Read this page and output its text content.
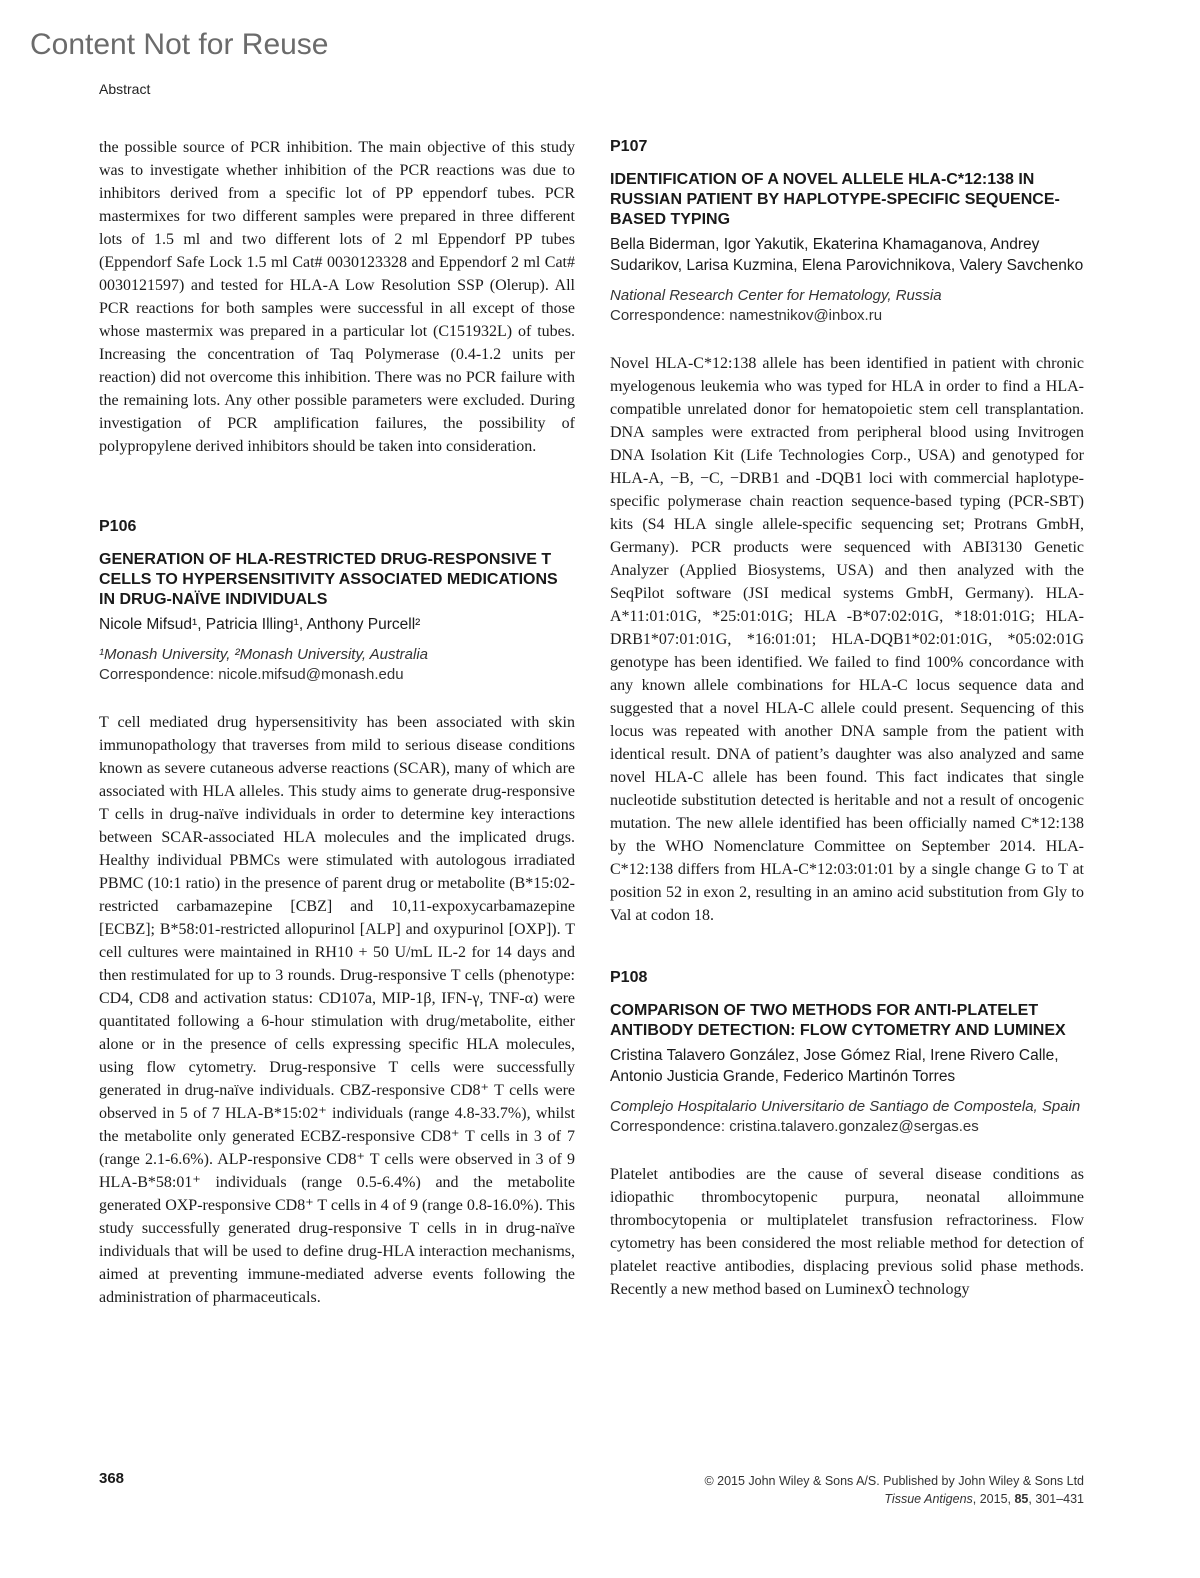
Content Not for Reuse
Abstract

the possible source of PCR inhibition. The main objective of this study was to investigate whether inhibition of the PCR reactions was due to inhibitors derived from a specific lot of PP eppendorf tubes. PCR mastermixes for two different samples were prepared in three different lots of 1.5 ml and two different lots of 2 ml Eppendorf PP tubes (Eppendorf Safe Lock 1.5 ml Cat# 0030123328 and Eppendorf 2 ml Cat# 0030121597) and tested for HLA-A Low Resolution SSP (Olerup). All PCR reactions for both samples were successful in all except of those whose mastermix was prepared in a particular lot (C151932L) of tubes. Increasing the concentration of Taq Polymerase (0.4-1.2 units per reaction) did not overcome this inhibition. There was no PCR failure with the remaining lots. Any other possible parameters were excluded. During investigation of PCR amplification failures, the possibility of polypropylene derived inhibitors should be taken into consideration.

P106
GENERATION OF HLA-RESTRICTED DRUG-RESPONSIVE T CELLS TO HYPERSENSITIVITY ASSOCIATED MEDICATIONS IN DRUG-NAÏVE INDIVIDUALS
Nicole Mifsud¹, Patricia Illing¹, Anthony Purcell²
¹Monash University, ²Monash University, Australia
Correspondence: nicole.mifsud@monash.edu

T cell mediated drug hypersensitivity has been associated with skin immunopathology that traverses from mild to serious disease conditions known as severe cutaneous adverse reactions (SCAR), many of which are associated with HLA alleles. This study aims to generate drug-responsive T cells in drug-naïve individuals in order to determine key interactions between SCAR-associated HLA molecules and the implicated drugs. Healthy individual PBMCs were stimulated with autologous irradiated PBMC (10:1 ratio) in the presence of parent drug or metabolite (B*15:02-restricted carbamazepine [CBZ] and 10,11-expoxycarbamazepine [ECBZ]; B*58:01-restricted allopurinol [ALP] and oxypurinol [OXP]). T cell cultures were maintained in RH10 + 50 U/mL IL-2 for 14 days and then restimulated for up to 3 rounds. Drug-responsive T cells (phenotype: CD4, CD8 and activation status: CD107a, MIP-1β, IFN-γ, TNF-α) were quantitated following a 6-hour stimulation with drug/metabolite, either alone or in the presence of cells expressing specific HLA molecules, using flow cytometry. Drug-responsive T cells were successfully generated in drug-naïve individuals. CBZ-responsive CD8⁺ T cells were observed in 5 of 7 HLA-B*15:02⁺ individuals (range 4.8-33.7%), whilst the metabolite only generated ECBZ-responsive CD8⁺ T cells in 3 of 7 (range 2.1-6.6%). ALP-responsive CD8⁺ T cells were observed in 3 of 9 HLA-B*58:01⁺ individuals (range 0.5-6.4%) and the metabolite generated OXP-responsive CD8⁺ T cells in 4 of 9 (range 0.8-16.0%). This study successfully generated drug-responsive T cells in in drug-naïve individuals that will be used to define drug-HLA interaction mechanisms, aimed at preventing immune-mediated adverse events following the administration of pharmaceuticals.

P107
IDENTIFICATION OF A NOVEL ALLELE HLA-C*12:138 IN RUSSIAN PATIENT BY HAPLOTYPE-SPECIFIC SEQUENCE-BASED TYPING
Bella Biderman, Igor Yakutik, Ekaterina Khamaganova, Andrey Sudarikov, Larisa Kuzmina, Elena Parovichnikova, Valery Savchenko
National Research Center for Hematology, Russia
Correspondence: namestnikov@inbox.ru

Novel HLA-C*12:138 allele has been identified in patient with chronic myelogenous leukemia who was typed for HLA in order to find a HLA-compatible unrelated donor for hematopoietic stem cell transplantation. DNA samples were extracted from peripheral blood using Invitrogen DNA Isolation Kit (Life Technologies Corp., USA) and genotyped for HLA-A, −B, −C, −DRB1 and -DQB1 loci with commercial haplotype-specific polymerase chain reaction sequence-based typing (PCR-SBT) kits (S4 HLA single allele-specific sequencing set; Protrans GmbH, Germany). PCR products were sequenced with ABI3130 Genetic Analyzer (Applied Biosystems, USA) and then analyzed with the SeqPilot software (JSI medical systems GmbH, Germany). HLA-A*11:01:01G, *25:01:01G; HLA -B*07:02:01G, *18:01:01G; HLA-DRB1*07:01:01G, *16:01:01; HLA-DQB1*02:01:01G, *05:02:01G genotype has been identified. We failed to find 100% concordance with any known allele combinations for HLA-C locus sequence data and suggested that a novel HLA-C allele could present. Sequencing of this locus was repeated with another DNA sample from the patient with identical result. DNA of patient’s daughter was also analyzed and same novel HLA-C allele has been found. This fact indicates that single nucleotide substitution detected is heritable and not a result of oncogenic mutation. The new allele identified has been officially named C*12:138 by the WHO Nomenclature Committee on September 2014. HLA-C*12:138 differs from HLA-C*12:03:01:01 by a single change G to T at position 52 in exon 2, resulting in an amino acid substitution from Gly to Val at codon 18.

P108
COMPARISON OF TWO METHODS FOR ANTI-PLATELET ANTIBODY DETECTION: FLOW CYTOMETRY AND LUMINEX
Cristina Talavero González, Jose Gómez Rial, Irene Rivero Calle, Antonio Justicia Grande, Federico Martinón Torres
Complejo Hospitalario Universitario de Santiago de Compostela, Spain
Correspondence: cristina.talavero.gonzalez@sergas.es

Platelet antibodies are the cause of several disease conditions as idiopathic thrombocytopenic purpura, neonatal alloimmune thrombocytopenia or multiplatelet transfusion refractoriness. Flow cytometry has been considered the most reliable method for detection of platelet reactive antibodies, displacing previous solid phase methods. Recently a new method based on LuminexÒ technology

368	© 2015 John Wiley & Sons A/S. Published by John Wiley & Sons Ltd
Tissue Antigens, 2015, 85, 301–431
